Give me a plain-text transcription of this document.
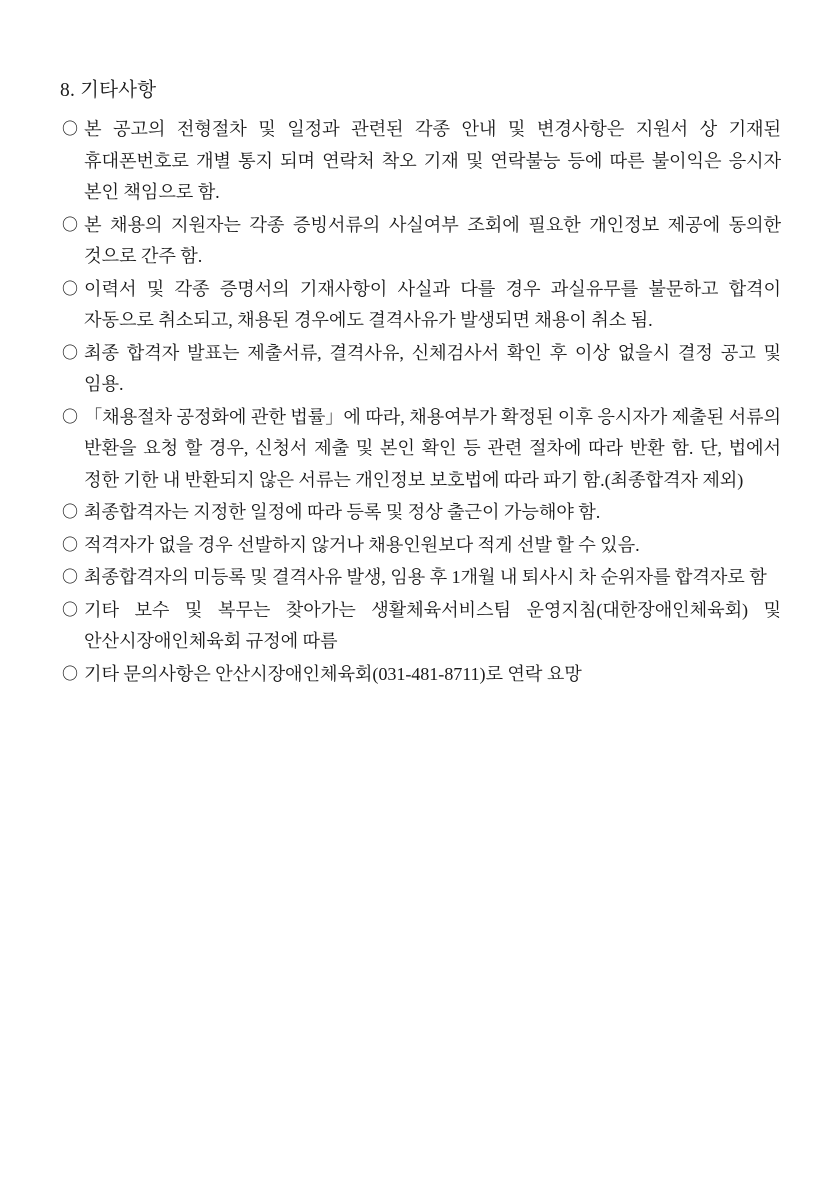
8. 기타사항
〇 본 공고의 전형절차 및 일정과 관련된 각종 안내 및 변경사항은 지원서 상 기재된 휴대폰번호로 개별 통지 되며 연락처 착오 기재 및 연락불능 등에 따른 불이익은 응시자 본인 책임으로 함.
〇 본 채용의 지원자는 각종 증빙서류의 사실여부 조회에 필요한 개인정보 제공에 동의한 것으로 간주 함.
〇 이력서 및 각종 증명서의 기재사항이 사실과 다를 경우 과실유무를 불문하고 합격이 자동으로 취소되고, 채용된 경우에도 결격사유가 발생되면 채용이 취소 됨.
〇 최종 합격자 발표는 제출서류, 결격사유, 신체검사서 확인 후 이상 없을시 결정 공고 및 임용.
〇 「채용절차 공정화에 관한 법률」에 따라, 채용여부가 확정된 이후 응시자가 제출된 서류의 반환을 요청 할 경우, 신청서 제출 및 본인 확인 등 관련 절차에 따라 반환 함. 단, 법에서 정한 기한 내 반환되지 않은 서류는 개인정보 보호법에 따라 파기 함.(최종합격자 제외)
〇 최종합격자는 지정한 일정에 따라 등록 및 정상 출근이 가능해야 함.
〇 적격자가 없을 경우 선발하지 않거나 채용인원보다 적게 선발 할 수 있음.
〇 최종합격자의 미등록 및 결격사유 발생, 임용 후 1개월 내 퇴사시 차 순위자를 합격자로 함
〇 기타 보수 및 복무는 찾아가는 생활체육서비스팀 운영지침(대한장애인체육회) 및 안산시장애인체육회 규정에 따름
〇 기타 문의사항은 안산시장애인체육회(031-481-8711)로 연락 요망
